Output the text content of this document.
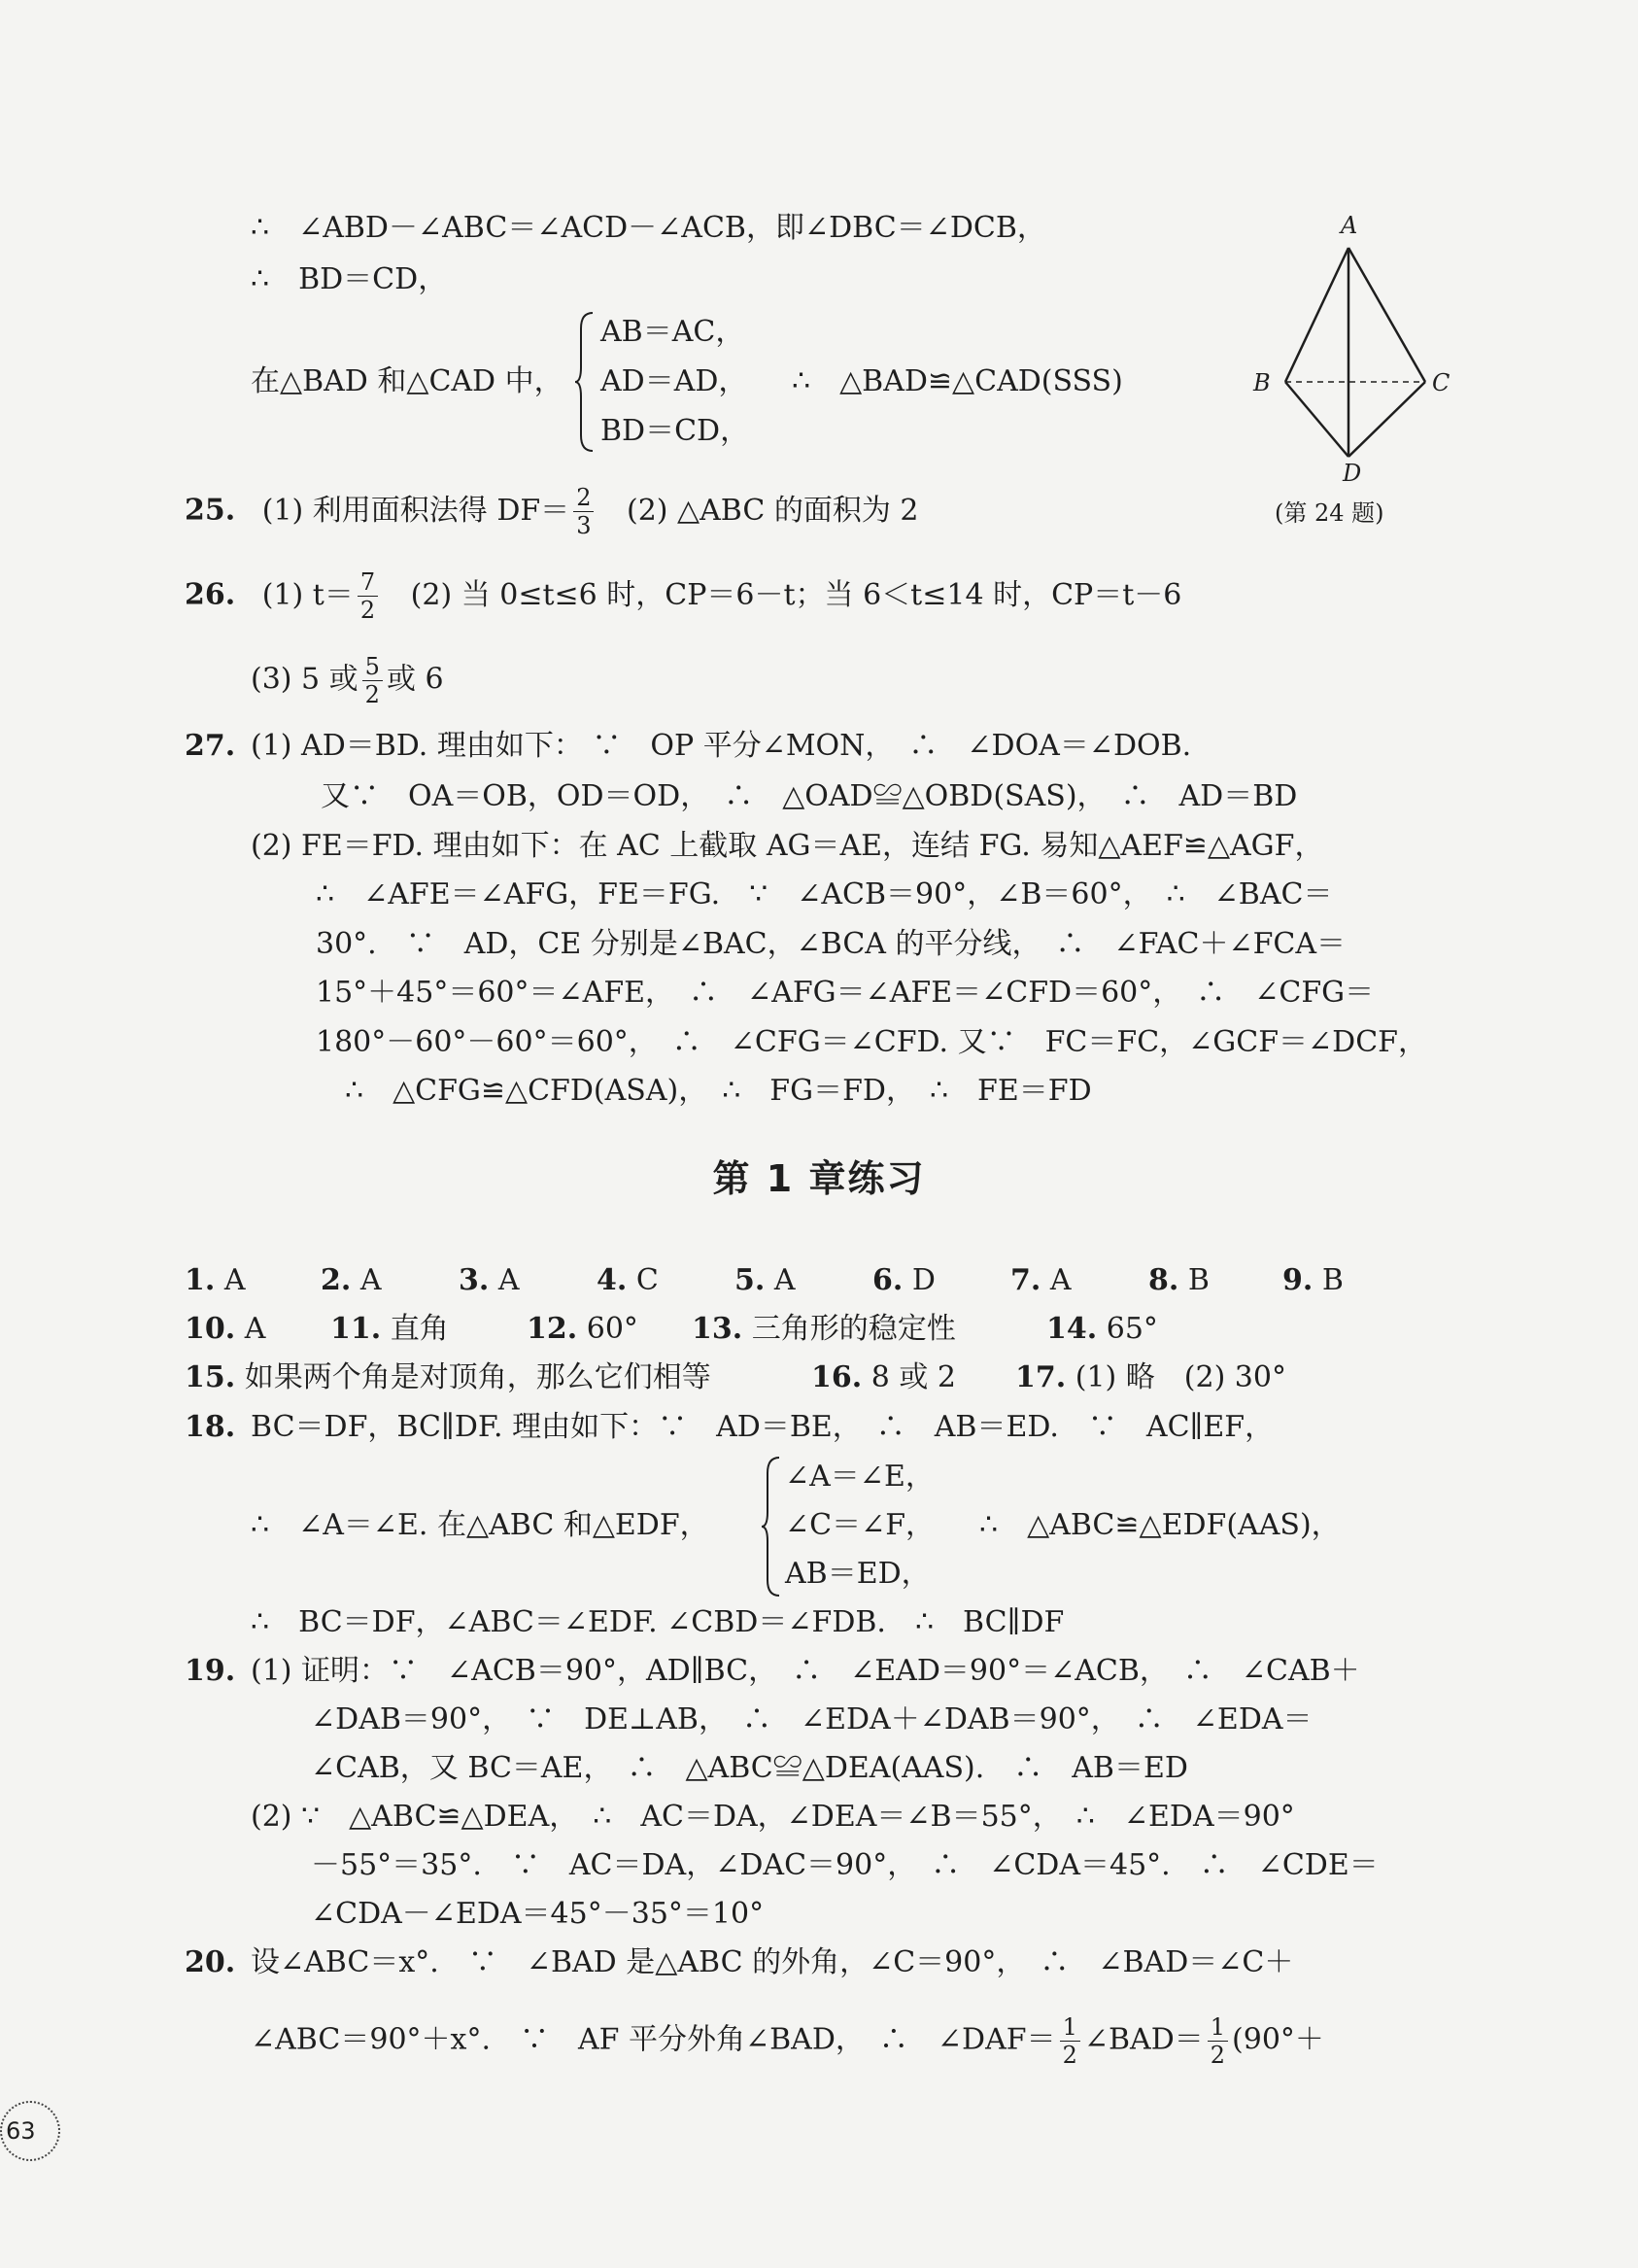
∴　∠ABD－∠ABC＝∠ACD－∠ACB，即∠DBC＝∠DCB，
∴　BD＝CD，
在△BAD 和△CAD 中，
AB＝AC，
AD＝AD，
BD＝CD，
∴　△BAD≌△CAD(SSS)
A
B	C
D
(第 24 题)
25. (1) 利用面积法得 $DF= \frac{2}{3} (2)$ △ABC 的面积为 2
26. (1) $t= \frac{7}{2} (2)$ 当 0≤t≤6 时，CP＝6－t；当 6＜t≤14 时，CP＝t－6
(3) 5 或 $\frac{5}{2}$ 或 6
27. (1) AD＝BD. 理由如下： ∵　OP 平分∠MON，　∴　∠DOA＝∠DOB.
又∵　OA＝OB，OD＝OD，　∴　△OAD≌△OBD(SAS)，　∴　AD＝BD
(2) FE＝FD. 理由如下：在 AC 上截取 AG＝AE，连结 FG. 易知△AEF≌△AGF，
∴　∠AFE＝∠AFG，FE＝FG.　∵　∠ACB＝90°，∠B＝60°，　∴　∠BAC＝
30°.　∵　AD，CE 分别是∠BAC，∠BCA 的平分线，　∴　∠FAC＋∠FCA＝
15°＋45°＝60°＝∠AFE，　∴　∠AFG＝∠AFE＝∠CFD＝60°，　∴　∠CFG＝
180°－60°－60°＝60°，　∴　∠CFG＝∠CFD. 又∵　FC＝FC，∠GCF＝∠DCF，
∴　△CFG≌△CFD(ASA)，　∴　FG＝FD，　∴　FE＝FD
第 1 章练习
1. A	2. A	3. A	4. C	5. A	6. D	7. A	8. B	9. B
10. A 11. 直角	12. 60° 13. 三角形的稳定性	14. 65°
15. 如果两个角是对顶角，那么它们相等	16. 8 或 2 17. (1) 略　(2) 30°
18. BC＝DF，BC∥DF. 理由如下：∵　AD＝BE，　∴　AB＝ED.　∵　AC∥EF，
∴　∠A＝∠E. 在△ABC 和△EDF，
∠A＝∠E，
∠C＝∠F，
AB＝ED，
∴　△ABC≌△EDF(AAS)，
∴　BC＝DF，∠ABC＝∠EDF. ∠CBD＝∠FDB.　∴　BC∥DF
19. (1) 证明：∵　∠ACB＝90°，AD∥BC，　∴　∠EAD＝90°＝∠ACB，　∴　∠CAB＋
∠DAB＝90°，　∵　DE⊥AB，　∴　∠EDA＋∠DAB＝90°，　∴　∠EDA＝
∠CAB，又 BC＝AE，　∴　△ABC≌△DEA(AAS).　∴　AB＝ED
(2) ∵　△ABC≌△DEA，　∴　AC＝DA，∠DEA＝∠B＝55°，　∴　∠EDA＝90°
－55°＝35°.　∵　AC＝DA，∠DAC＝90°，　∴　∠CDA＝45°.　∴　∠CDE＝
∠CDA－∠EDA＝45°－35°＝10°
20. 设∠ABC＝x°.　∵　∠BAD 是△ABC 的外角，∠C＝90°，　∴　∠BAD＝∠C＋
∠ABC＝90°＋x°.　∵　AF 平分外角∠BAD，　∴　∠DAF＝ $\frac{1}{2}$ ∠BAD＝ $\frac{1}{2} (90^\circ+$
63
